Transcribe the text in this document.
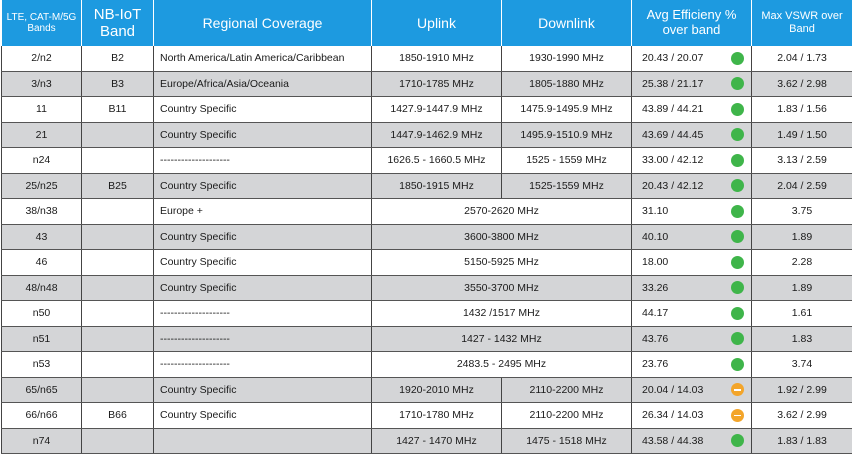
LTE, CAT-M/5G Bands	NB-IoT Band	Regional Coverage	Uplink	Downlink	Avg Efficieny % over band		Max VSWR over Band
2/n2	B2	North America/Latin America/Caribbean	1850-1910 MHz	1930-1990 MHz	20.43 / 20.07		2.04 / 1.73
3/n3	B3	Europe/Africa/Asia/Oceania	1710-1785 MHz	1805-1880 MHz	25.38 / 21.17		3.62 / 2.98
11	B11	Country Specific	1427.9-1447.9 MHz	1475.9-1495.9 MHz	43.89 / 44.21		1.83 / 1.56
21		Country Specific	1447.9-1462.9 MHz	1495.9-1510.9 MHz	43.69 / 44.45		1.49 / 1.50
n24		--------------------	1626.5 - 1660.5 MHz	1525 - 1559 MHz	33.00 / 42.12		3.13 / 2.59
25/n25	B25	Country Specific	1850-1915 MHz	1525-1559 MHz	20.43 / 42.12		2.04 / 2.59
38/n38		Europe +	2570-2620 MHz		31.10		3.75
43		Country Specific	3600-3800 MHz		40.10		1.89
46		Country Specific	5150-5925 MHz		18.00		2.28
48/n48		Country Specific	3550-3700 MHz		33.26		1.89
n50		--------------------	1432 /1517 MHz		44.17		1.61
n51		--------------------	1427 - 1432 MHz		43.76		1.83
n53		--------------------	2483.5 - 2495 MHz		23.76		3.74
65/n65		Country Specific	1920-2010 MHz	2110-2200 MHz	20.04 / 14.03		1.92 / 2.99
66/n66	B66	Country Specific	1710-1780 MHz	2110-2200 MHz	26.34 / 14.03		3.62 / 2.99
n74			1427 - 1470 MHz	1475 - 1518 MHz	43.58 / 44.38		1.83 / 1.83
